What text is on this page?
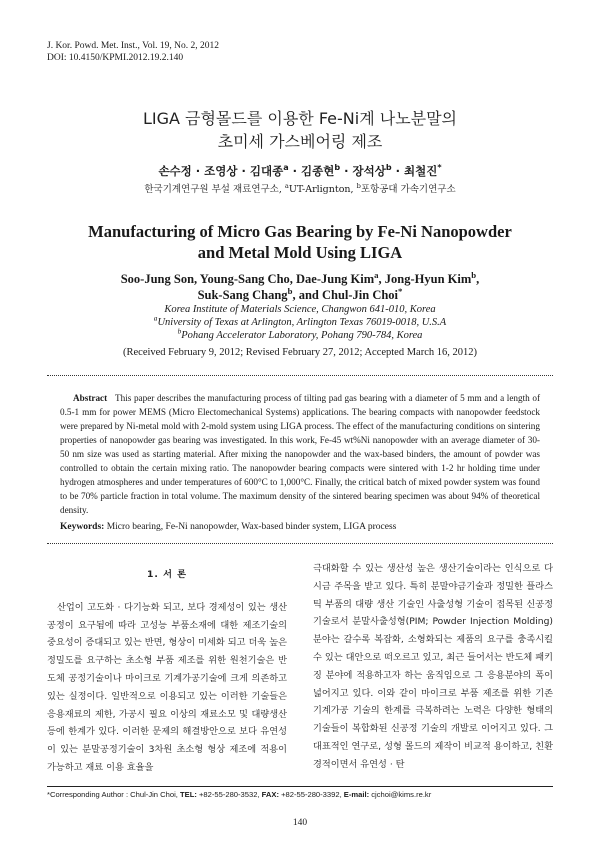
J. Kor. Powd. Met. Inst., Vol. 19, No. 2, 2012
DOI: 10.4150/KPMI.2012.19.2.140
LIGA 금형몰드를 이용한 Fe-Ni계 나노분말의
초미세 가스베어링 제조
손수정 · 조영상 · 김대종$^a$ · 김종현$^b$ · 장석상$^b$ · 최철진*
한국기계연구원 부설 재료연구소, $^a$UT-Arlignton, $^b$포항공대 가속기연구소
Manufacturing of Micro Gas Bearing by Fe-Ni Nanopowder
and Metal Mold Using LIGA
Soo-Jung Son, Young-Sang Cho, Dae-Jung Kim$^a$, Jong-Hyun Kim$^b$,
Suk-Sang Chang$^b$, and Chul-Jin Choi*
Korea Institute of Materials Science, Changwon 641-010, Korea
$^a$University of Texas at Arlington, Arlington Texas 76019-0018, U.S.A
$^b$Pohang Accelerator Laboratory, Pohang 790-784, Korea
(Received February 9, 2012; Revised February 27, 2012; Accepted March 16, 2012)
Abstract This paper describes the manufacturing process of tilting pad gas bearing with a diameter of 5 mm and a length of 0.5-1 mm for power MEMS (Micro Electomechanical Systems) applications. The bearing compacts with nanopowder feedstock were prepared by Ni-metal mold with 2-mold system using LIGA process. The effect of the manufacturing conditions on sintering properties of nanopowder gas bearing was investigated. In this work, Fe-45 wt%Ni nanopowder with an average diameter of 30-50 nm size was used as starting material. After mixing the nanopowder and the wax-based binders, the amount of powder was controlled to obtain the certain mixing ratio. The nanopowder bearing compacts were sintered with 1-2 hr holding time under hydrogen atmospheres and under temperatures of 600°C to 1,000°C. Finally, the critical batch of mixed powder system was found to be 70% particle fraction in total volume. The maximum density of the sintered bearing specimen was about 94% of theoretical density.
Keywords: Micro bearing, Fe-Ni nanopowder, Wax-based binder system, LIGA process
1. 서 론

산업이 고도화 · 다기능화 되고, 보다 경제성이 있는 생산 공정이 요구됨에 따라 고성능 부품소재에 대한 제조기술의 중요성이 증대되고 있는 반면, 형상이 미세화 되고 더욱 높은 정밀도를 요구하는 초소형 부품 제조를 위한 원천기술은 반도체 공정기술이나 마이크로 기계가공기술에 크게 의존하고 있는 실정이다. 일반적으로 이용되고 있는 이러한 기술들은 응용재료의 제한, 가공시 필요 이상의 재료소모 및 대량생산 등에 한계가 있다. 이러한 문제의 해결방안으로 보다 유연성이 있는 분말공정기술이 3차원 초소형 형상 제조에 적용이 가능하고 재료 이용 효율을

극대화할 수 있는 생산성 높은 생산기술이라는 인식으로 다시금 주목을 받고 있다. 특히 분말야금기술과 정밀한 플라스틱 부품의 대량 생산 기술인 사출성형 기술이 접목된 신공정 기술로서 분말사출성형(PIM; Powder Injection Molding) 분야는 갈수록 복잡화, 소형화되는 제품의 요구를 충족시킬 수 있는 대안으로 떠오르고 있고, 최근 들어서는 반도체 패키징 분야에 적용하고자 하는 움직임으로 그 응용분야의 폭이 넓어지고 있다. 이와 같이 마이크로 부품 제조를 위한 기존 기계가공 기술의 한계를 극복하려는 노력은 다양한 형태의 기술들이 복합화된 신공정 기술의 개발로 이어지고 있다. 그 대표적인 연구로, 성형 몰드의 제작이 비교적 용이하고, 친환경적이면서 유연성 · 탄

*Corresponding Author : Chul-Jin Choi, TEL: +82-55-280-3532, FAX: +82-55-280-3392, E-mail: cjchoi@kims.re.kr
140
